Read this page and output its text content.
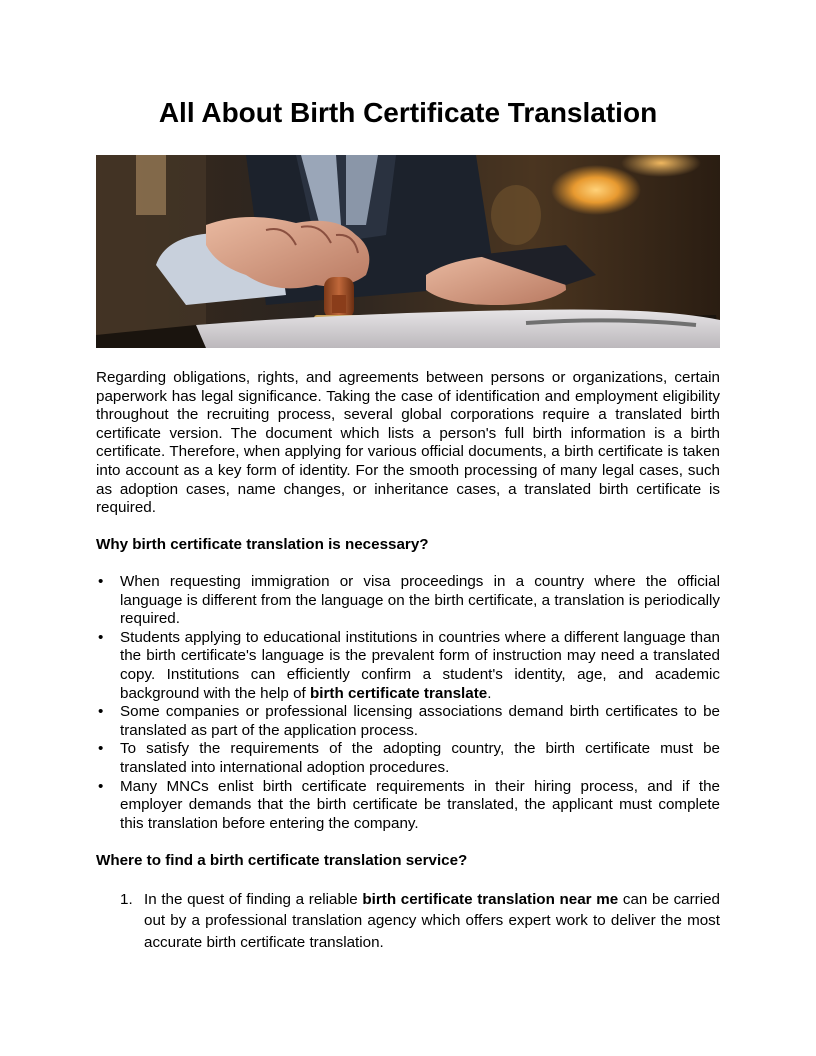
All About Birth Certificate Translation

Regarding obligations, rights, and agreements between persons or organizations, certain paperwork has legal significance. Taking the case of identification and employment eligibility throughout the recruiting process, several global corporations require a translated birth certificate version. The document which lists a person's full birth information is a birth certificate. Therefore, when applying for various official documents, a birth certificate is taken into account as a key form of identity. For the smooth processing of many legal cases, such as adoption cases, name changes, or inheritance cases, a translated birth certificate is required.

Why birth certificate translation is necessary?
• When requesting immigration or visa proceedings in a country where the official language is different from the language on the birth certificate, a translation is periodically required.
• Students applying to educational institutions in countries where a different language than the birth certificate's language is the prevalent form of instruction may need a translated copy. Institutions can efficiently confirm a student's identity, age, and academic background with the help of birth certificate translate.
• Some companies or professional licensing associations demand birth certificates to be translated as part of the application process.
• To satisfy the requirements of the adopting country, the birth certificate must be translated into international adoption procedures.
• Many MNCs enlist birth certificate requirements in their hiring process, and if the employer demands that the birth certificate be translated, the applicant must complete this translation before entering the company.
Where to find a birth certificate translation service?
1. In the quest of finding a reliable birth certificate translation near me can be carried out by a professional translation agency which offers expert work to deliver the most accurate birth certificate translation.
